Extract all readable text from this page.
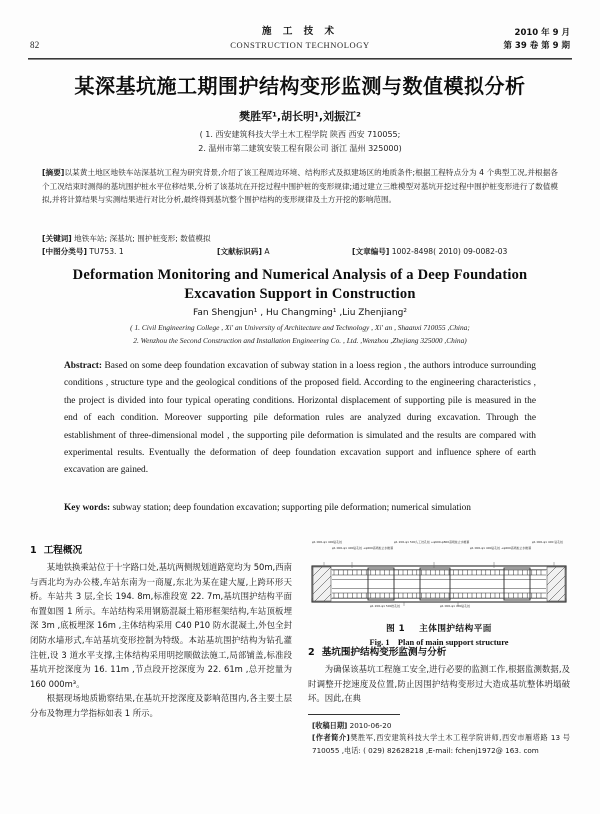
82
施 工 技 术
CONSTRUCTION TECHNOLOGY
2010 年 9 月
第 39 卷 第 9 期
某深基坑施工期围护结构变形监测与数值模拟分析
樊胜军¹,胡长明¹,刘振江²
( 1. 西安建筑科技大学土木工程学院 陕西 西安 710055;
2. 温州市第二建筑安装工程有限公司 浙江 温州 325000)
[摘要]以某黄土地区地铁车站深基坑工程为研究背景,介绍了该工程周边环境、结构形式及拟建场区的地质条件;根据工程特点分为 4 个典型工况,并根据各个工况结束时测得的基坑围护桩水平位移结果,分析了该基坑在开挖过程中围护桩的变形规律;通过建立三维模型对基坑开挖过程中围护桩变形进行了数值模拟,并将计算结果与实测结果进行对比分析,最终得到基坑整个围护结构的变形规律及土方开挖的影响范围。
[关键词] 地铁车站; 深基坑; 围护桩变形; 数值模拟
[中图分类号] TU753. 1	[文献标识码] A	[文章编号] 1002-8498( 2010) 09-0082-03
Deformation Monitoring and Numerical Analysis of a Deep Foundation
Excavation Support in Construction
Fan Shengjun¹ , Hu Changming¹ ,Liu Zhenjiang²
( 1. Civil Engineering College , Xi' an University of Architecture and Technology , Xi' an , Shaanxi 710055 ,China;
2. Wenzhou the Second Construction and Installation Engineering Co. , Ltd. ,Wenzhou ,Zhejiang 325000 ,China)
Abstract: Based on some deep foundation excavation of subway station in a loess region , the authors introduce surrounding conditions , structure type and the geological conditions of the proposed field. According to the engineering characteristics , the project is divided into four typical operating conditions. Horizontal displacement of supporting pile is measured in the end of each condition. Moreover supporting pile deformation rules are analyzed during excavation. Through the establishment of three-dimensional model , the supporting pile deformation is simulated and the results are compared with experimental results. Eventually the deformation of deep foundation excavation support and influence sphere of earth excavation are gained.
Key words: subway station; deep foundation excavation; supporting pile deformation; numerical simulation
1 工程概况

某地铁换乘站位于十字路口处,基坑两侧规划道路宽均为 50m,西南与西北均为办公楼,车站东南为一商厦,东北为某在建大厦,上跨环形天桥。车站共 3 层,全长 194. 8m,标准段宽 22. 7m,基坑围护结构平面布置如图 1 所示。车站结构采用钢筋混凝土箱形框架结构,车站顶板埋深 3m ,底板埋深 16m ,主体结构采用 C40 P10 防水混凝土,外包全封闭防水墙形式,车站基坑变形控制为特级。本站基坑围护结构为钻孔灌注桩,设 3 道水平支撑,主体结构采用明挖顺做法施工,局部铺盖,标准段基坑开挖深度为 16. 11m ,节点段开挖深度为 22. 61m ,总开挖量为160 000m³。

根据现场地质勘察结果,在基坑开挖深度及影响范围内,各主要土层分布及物理力学指标如表 1 所示。

φ1 000-φ1 400钻孔桩
φ1 000-φ1 400钻孔桩 +φ600高喷桩止水帷幕
φ1 200-φ1 500人工挖孔桩 +φ600-φ800高喷桩止水帷幕
φ1 000-φ1 400钻孔桩 +φ600高喷桩止水帷幕
φ1 000-φ1 400 钻孔桩
φ1 200-φ1 500挖孔桩	φ1 000-φ1 400钻孔桩
图 1 主体围护结构平面
Fig. 1 Plan of main support structure
2 基坑围护结构变形监测与分析

为确保该基坑工程施工安全,进行必要的监测工作,根据监测数据,及时调整开挖速度及位置,防止因围护结构变形过大造成基坑整体坍塌破坏。因此,在典

[收稿日期] 2010-06-20
[作者简介]樊胜军,西安建筑科技大学土木工程学院讲师,西安市雁塔路 13 号 710055 ,电话: ( 029) 82628218 ,E-mail: fchenj1972@ 163. com
